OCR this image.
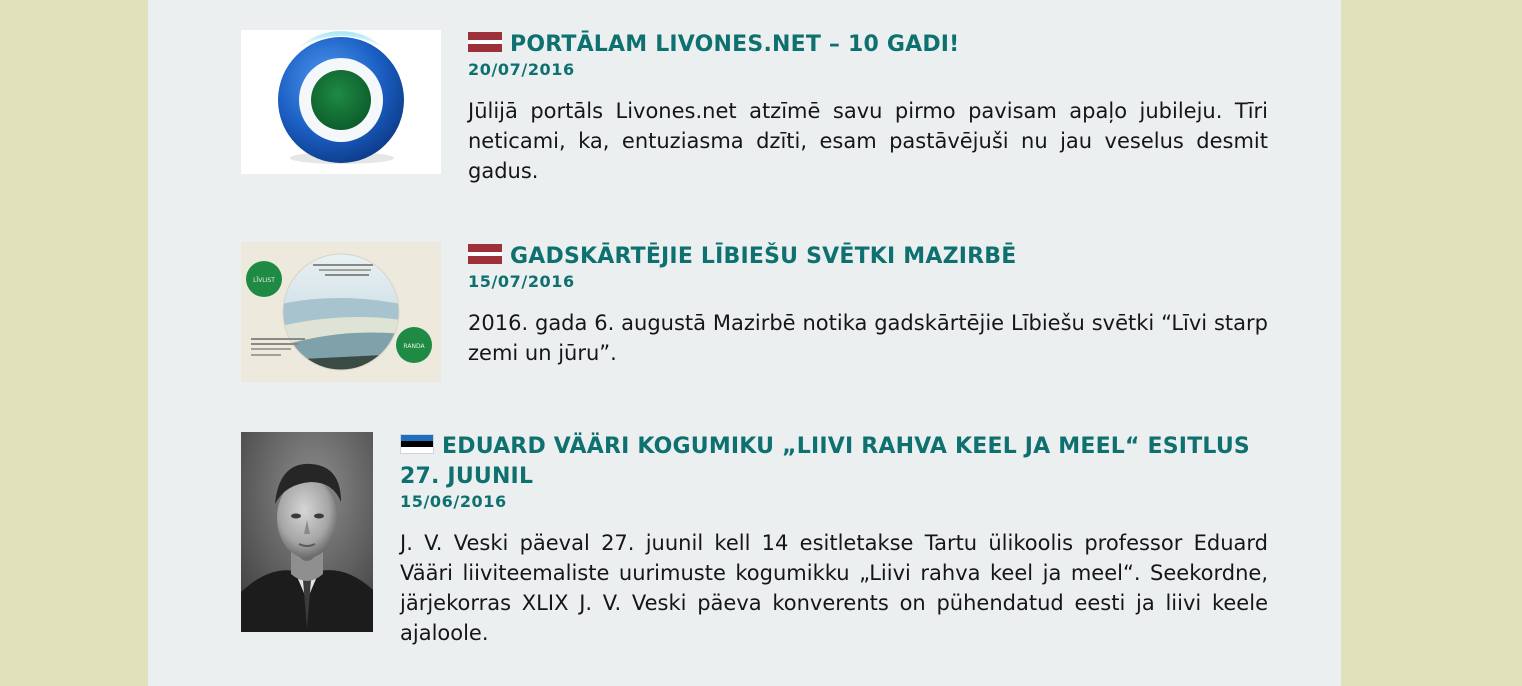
PORTĀLAM LIVONES.NET – 10 GADI!
20/07/2016

Jūlijā portāls Livones.net atzīmē savu pirmo pavisam apaļo jubileju. Tīri neticami, ka, entuziasma dzīti, esam pastāvējuši nu jau veselus desmit gadus.

LĪVLIST
RANDA
GADSKĀRTĒJIE LĪBIEŠU SVĒTKI MAZIRBĒ
15/07/2016

2016. gada 6. augustā Mazirbē notika gadskārtējie Lībiešu svētki “Līvi starp zemi un jūru”.

EDUARD VÄÄRI KOGUMIKU „LIIVI RAHVA KEEL JA MEEL“ ESITLUS 27. JUUNIL
15/06/2016

J. V. Veski päeval 27. juunil kell 14 esitletakse Tartu ülikoolis professor Eduard Vääri liiviteemaliste uurimuste kogumikku „Liivi rahva keel ja meel“. Seekordne, järjekorras XLIX J. V. Veski päeva konverents on pühendatud eesti ja liivi keele ajaloole.
